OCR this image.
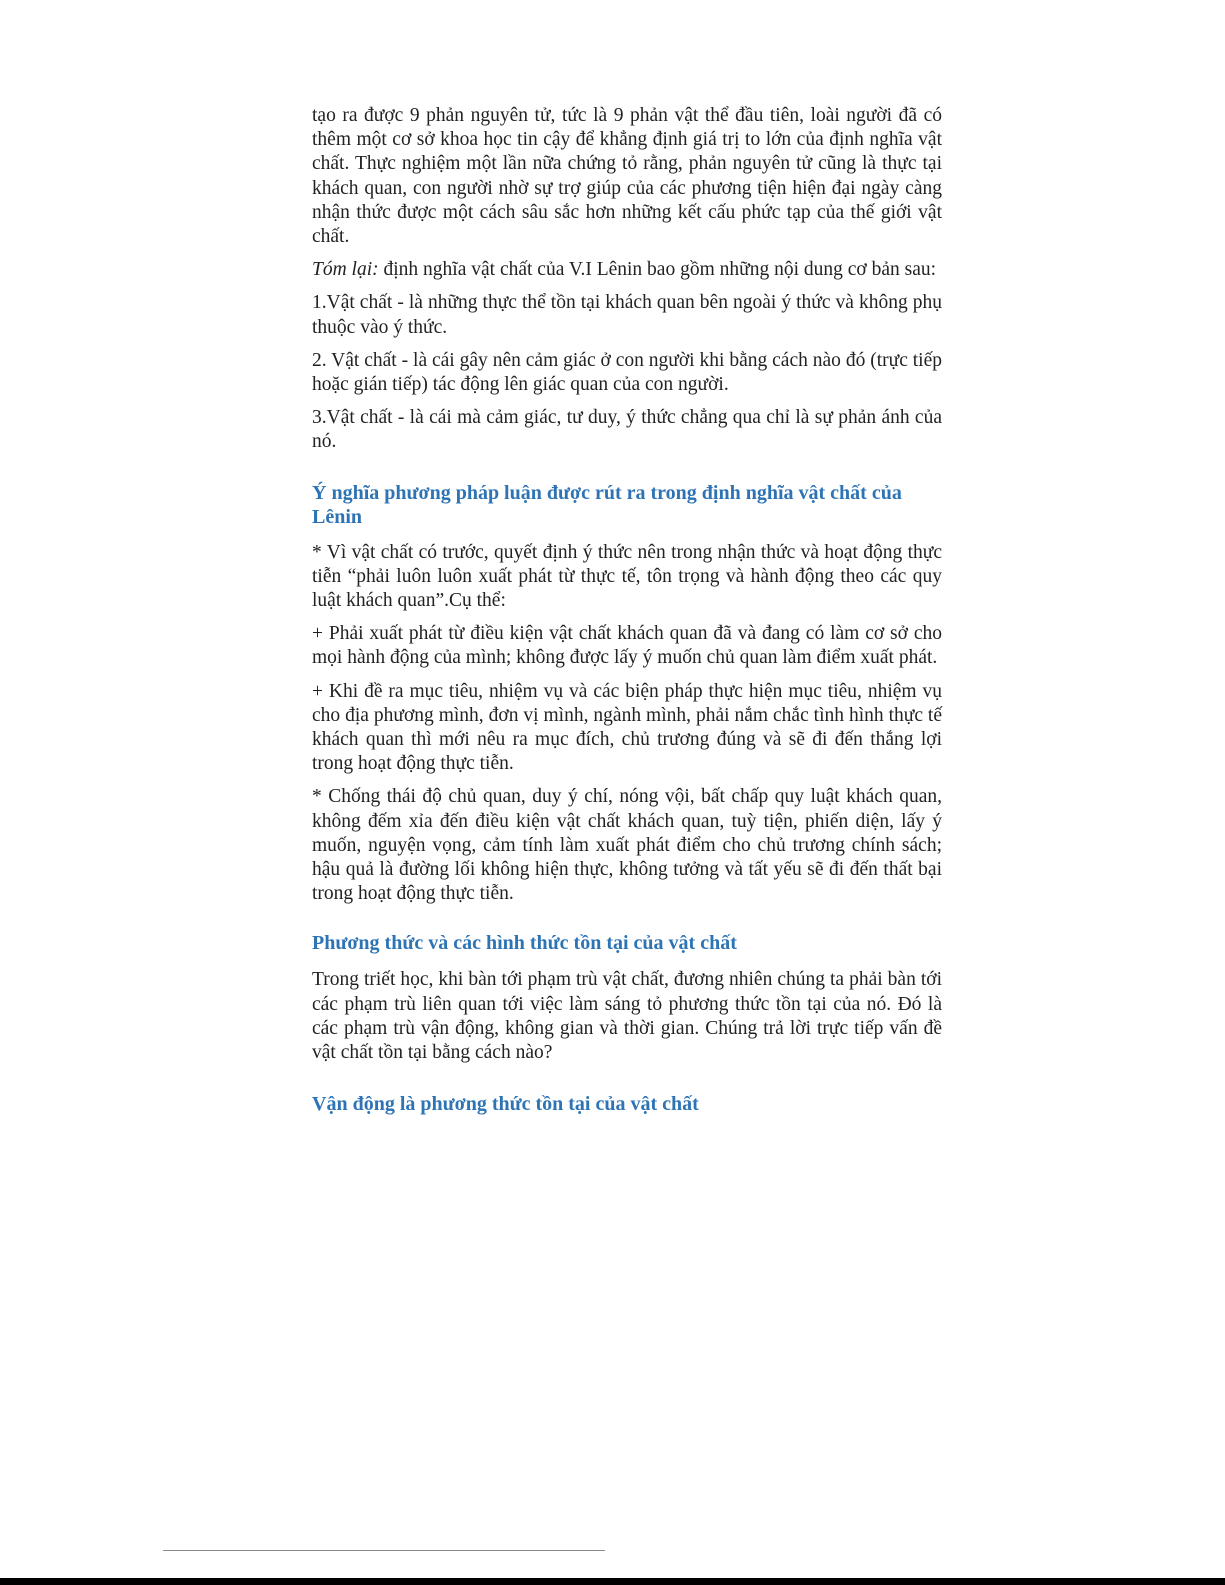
tạo ra được 9 phản nguyên tử, tức là 9 phản vật thể đầu tiên, loài người đã có thêm một cơ sở khoa học tin cậy để khẳng định giá trị to lớn của định nghĩa vật chất. Thực nghiệm một lần nữa chứng tỏ rằng, phản nguyên tử cũng là thực tại khách quan, con người nhờ sự trợ giúp của các phương tiện hiện đại ngày càng nhận thức được một cách sâu sắc hơn những kết cấu phức tạp của thế giới vật chất.

Tóm lại: định nghĩa vật chất của V.I Lênin bao gồm những nội dung cơ bản sau:

1.Vật chất - là những thực thể tồn tại khách quan bên ngoài ý thức và không phụ thuộc vào ý thức.

2. Vật chất - là cái gây nên cảm giác ở con người khi bằng cách nào đó (trực tiếp hoặc gián tiếp) tác động lên giác quan của con người.

3.Vật chất - là cái mà cảm giác, tư duy, ý thức chẳng qua chỉ là sự phản ánh của nó.

Ý nghĩa phương pháp luận được rút ra trong định nghĩa vật chất của Lênin

* Vì vật chất có trước, quyết định ý thức nên trong nhận thức và hoạt động thực tiễn “phải luôn luôn xuất phát từ thực tế, tôn trọng và hành động theo các quy luật khách quan”.Cụ thể:

+ Phải xuất phát từ điều kiện vật chất khách quan đã và đang có làm cơ sở cho mọi hành động của mình; không được lấy ý muốn chủ quan làm điểm xuất phát.

+ Khi đề ra mục tiêu, nhiệm vụ và các biện pháp thực hiện mục tiêu, nhiệm vụ cho địa phương mình, đơn vị mình, ngành mình, phải nắm chắc tình hình thực tế khách quan thì mới nêu ra mục đích, chủ trương đúng và sẽ đi đến thắng lợi trong hoạt động thực tiễn.

* Chống thái độ chủ quan, duy ý chí, nóng vội, bất chấp quy luật khách quan, không đếm xỉa đến điều kiện vật chất khách quan, tuỳ tiện, phiến diện, lấy ý muốn, nguyện vọng, cảm tính làm xuất phát điểm cho chủ trương chính sách; hậu quả là đường lối không hiện thực, không tưởng và tất yếu sẽ đi đến thất bại trong hoạt động thực tiễn.

Phương thức và các hình thức tồn tại của vật chất

Trong triết học, khi bàn tới phạm trù vật chất, đương nhiên chúng ta phải bàn tới các phạm trù liên quan tới việc làm sáng tỏ phương thức tồn tại của nó. Đó là các phạm trù vận động, không gian và thời gian. Chúng trả lời trực tiếp vấn đề vật chất tồn tại bằng cách nào?

Vận động là phương thức tồn tại của vật chất
